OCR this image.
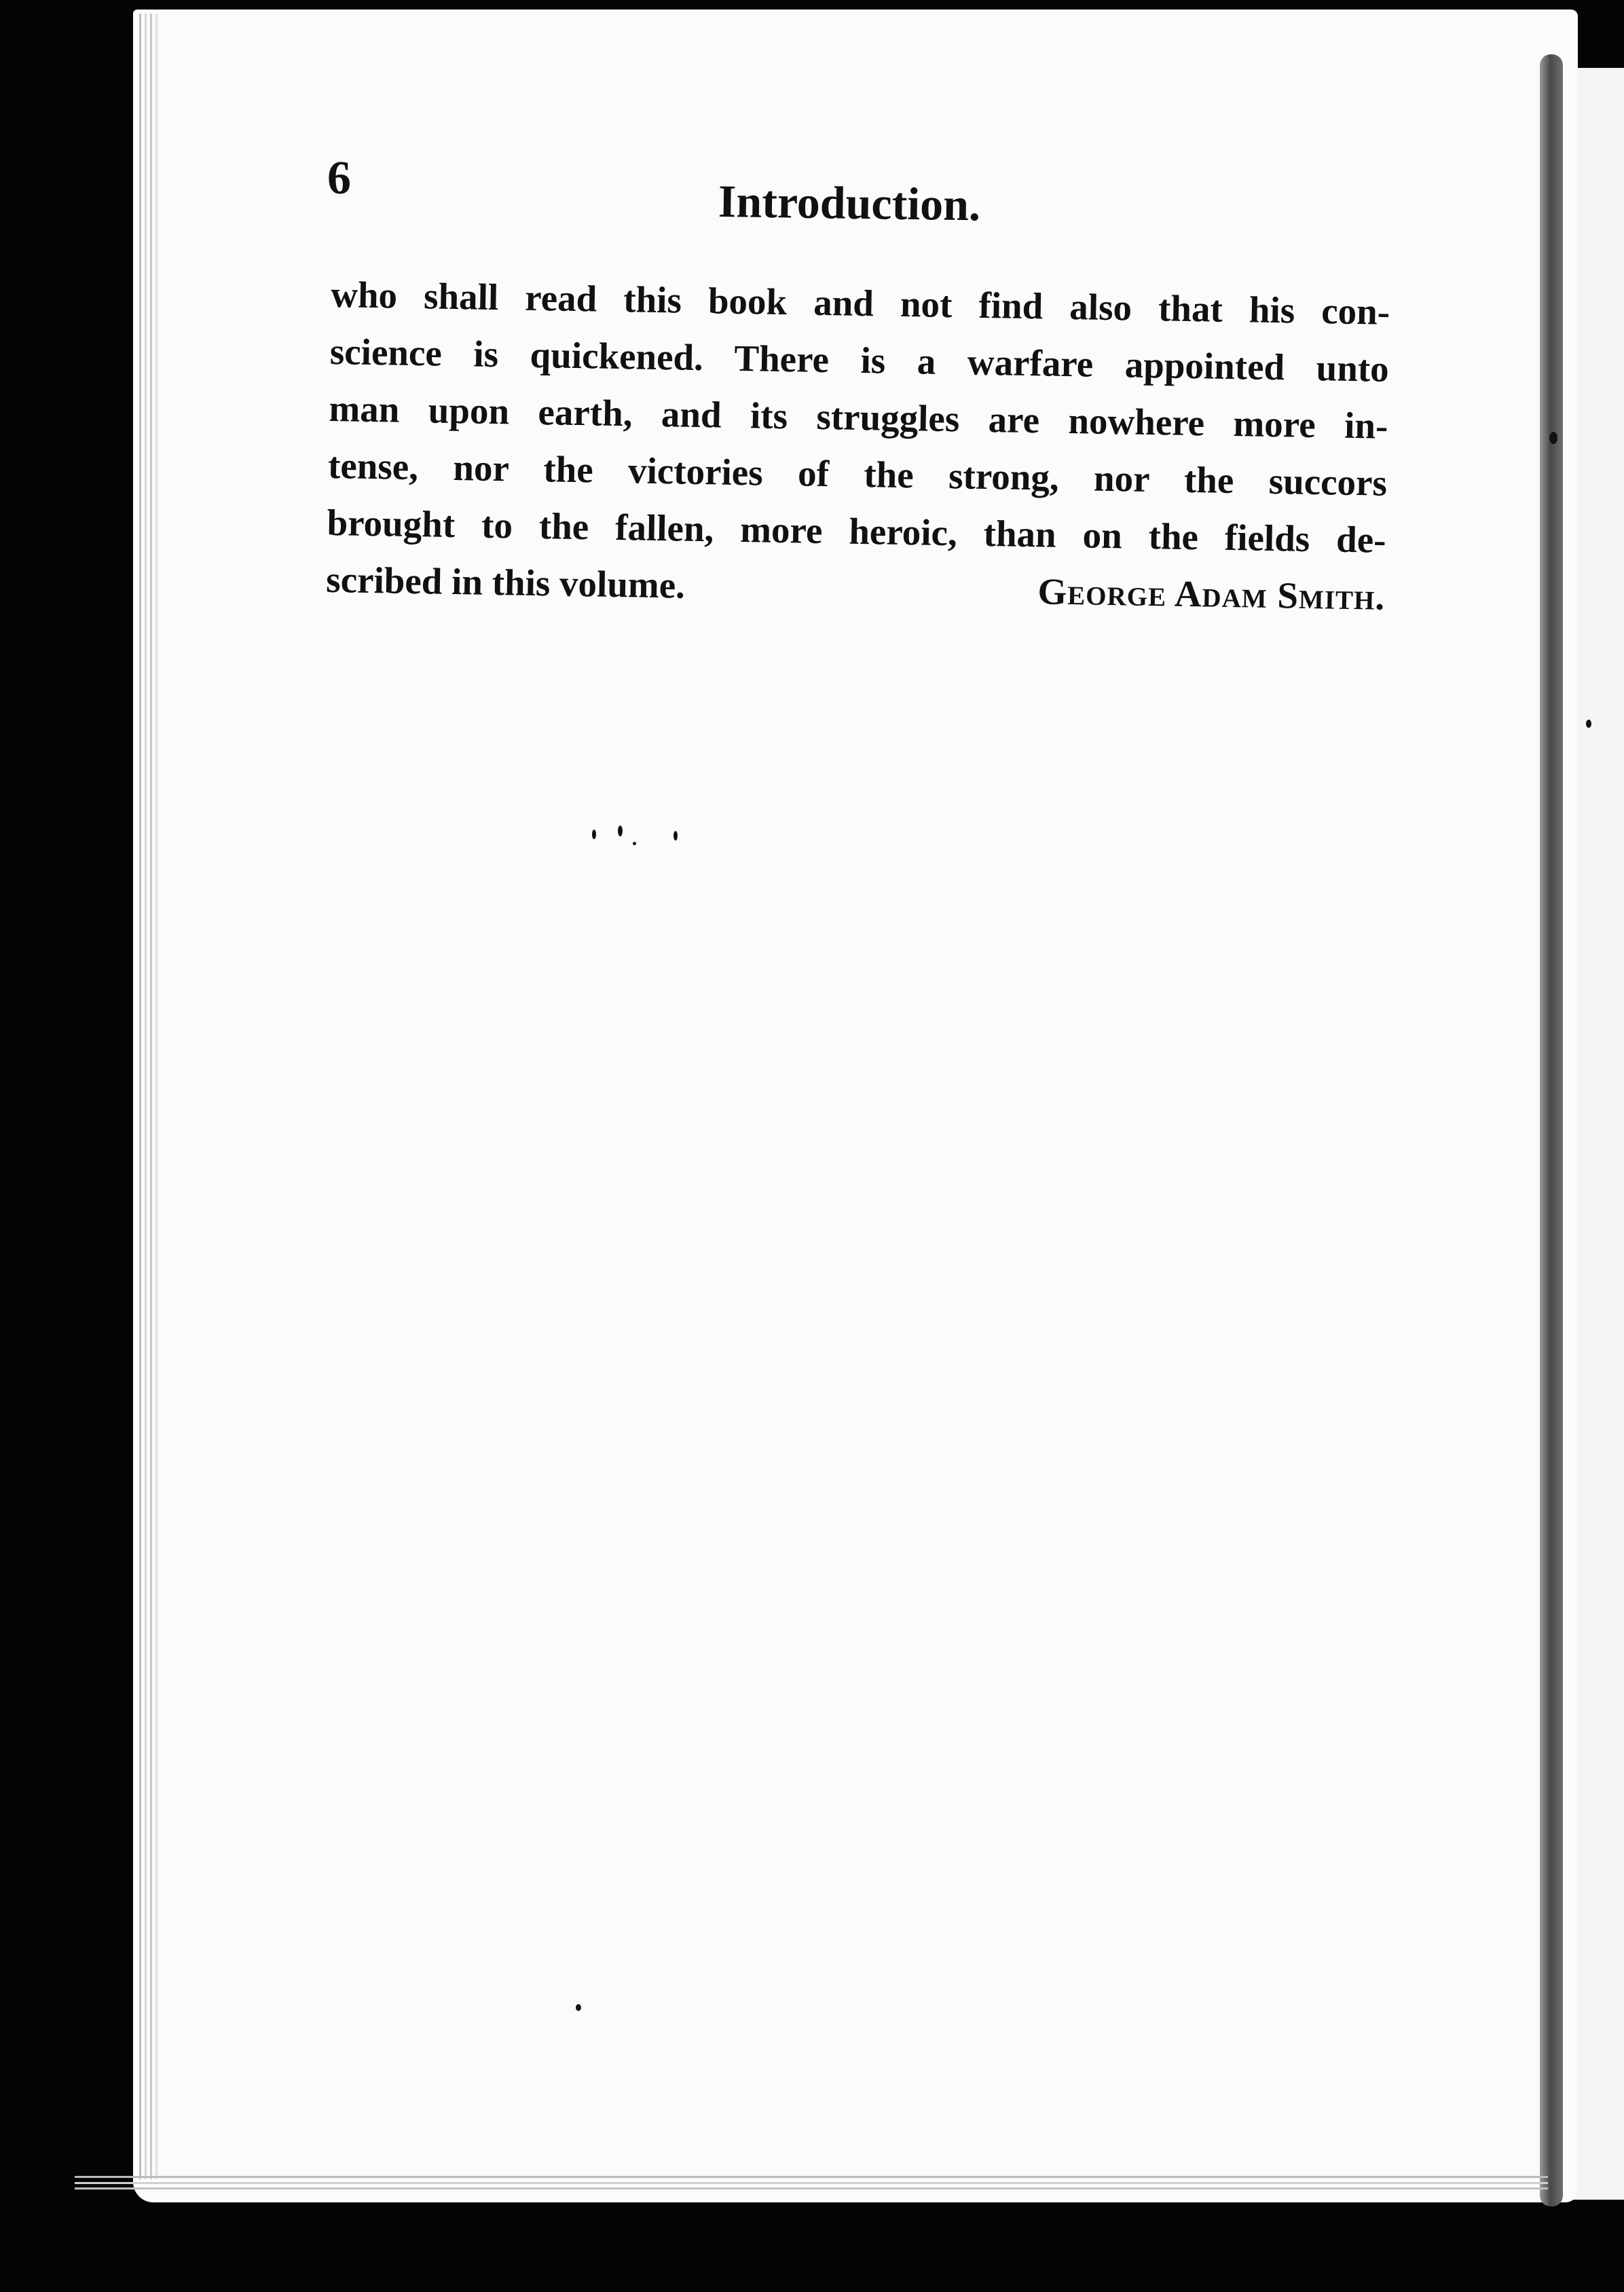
6	Introduction.
who shall read this book and not find also that his con-
science is quickened. There is a warfare appointed unto
man upon earth, and its struggles are nowhere more in-
tense, nor the victories of the strong, nor the succors
brought to the fallen, more heroic, than on the fields de-
scribed in this volume.	George Adam Smith.
